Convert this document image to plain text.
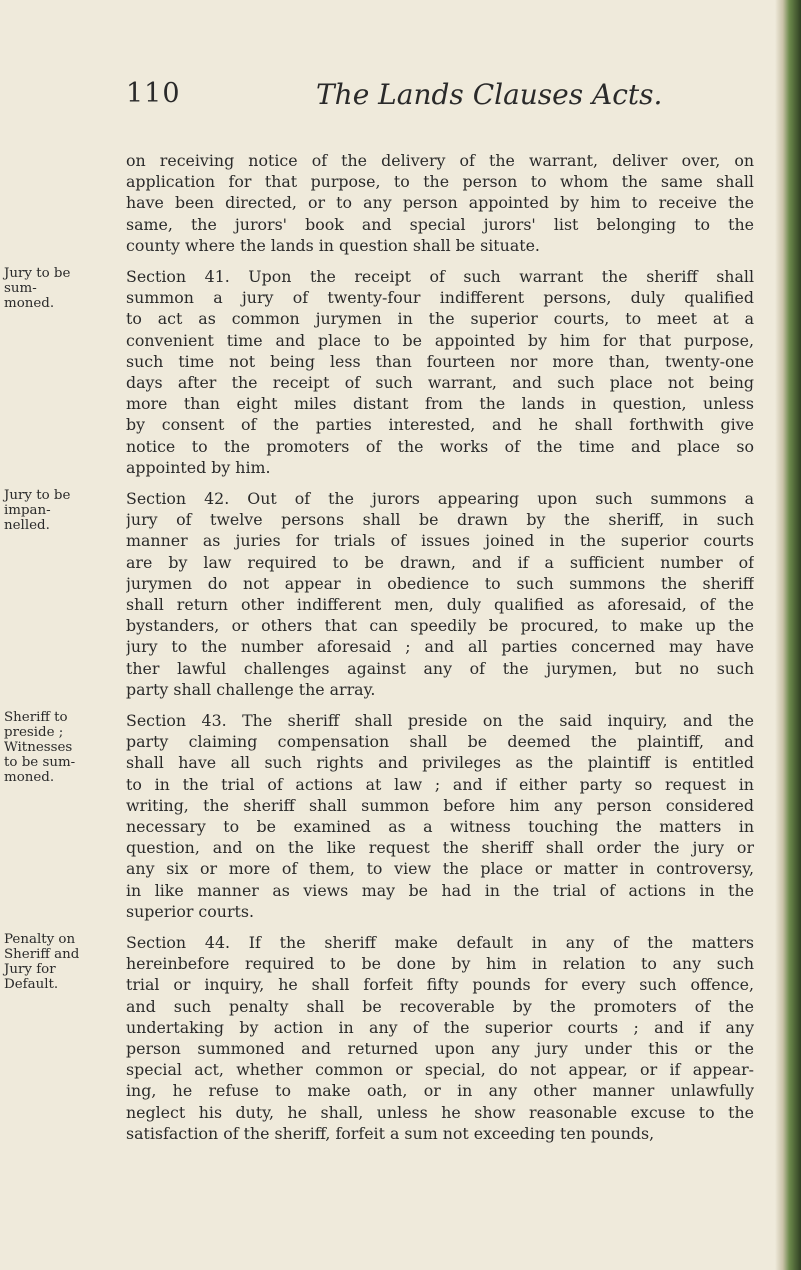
110	The Lands Clauses Acts.
on receiving notice of the delivery of the warrant, deliver over, on
application for that purpose, to the person to whom the same shall
have been directed, or to any person appointed by him to receive the
same, the jurors' book and special jurors' list belonging to the
county where the lands in question shall be situate.
Jury to be
sum-
moned.
Section 41. Upon the receipt of such warrant the sheriff shall
summon a jury of twenty-four indifferent persons, duly qualified
to act as common jurymen in the superior courts, to meet at a
convenient time and place to be appointed by him for that purpose,
such time not being less than fourteen nor more than, twenty-one
days after the receipt of such warrant, and such place not being
more than eight miles distant from the lands in question, unless
by consent of the parties interested, and he shall forthwith give
notice to the promoters of the works of the time and place so
appointed by him.
Jury to be
impan-
nelled.
Section 42. Out of the jurors appearing upon such summons a
jury of twelve persons shall be drawn by the sheriff, in such
manner as juries for trials of issues joined in the superior courts
are by law required to be drawn, and if a sufficient number of
jurymen do not appear in obedience to such summons the sheriff
shall return other indifferent men, duly qualified as aforesaid, of the
bystanders, or others that can speedily be procured, to make up the
jury to the number aforesaid ; and all parties concerned may have
ther lawful challenges against any of the jurymen, but no such
party shall challenge the array.
Sheriff to
preside ;
Witnesses
to be sum-
moned.
Section 43. The sheriff shall preside on the said inquiry, and the
party claiming compensation shall be deemed the plaintiff, and
shall have all such rights and privileges as the plaintiff is entitled
to in the trial of actions at law ; and if either party so request in
writing, the sheriff shall summon before him any person considered
necessary to be examined as a witness touching the matters in
question, and on the like request the sheriff shall order the jury or
any six or more of them, to view the place or matter in controversy,
in like manner as views may be had in the trial of actions in the
superior courts.
Penalty on
Sheriff and
Jury for
Default.
Section 44. If the sheriff make default in any of the matters
hereinbefore required to be done by him in relation to any such
trial or inquiry, he shall forfeit fifty pounds for every such offence,
and such penalty shall be recoverable by the promoters of the
undertaking by action in any of the superior courts ; and if any
person summoned and returned upon any jury under this or the
special act, whether common or special, do not appear, or if appear-
ing, he refuse to make oath, or in any other manner unlawfully
neglect his duty, he shall, unless he show reasonable excuse to the
satisfaction of the sheriff, forfeit a sum not exceeding ten pounds,
